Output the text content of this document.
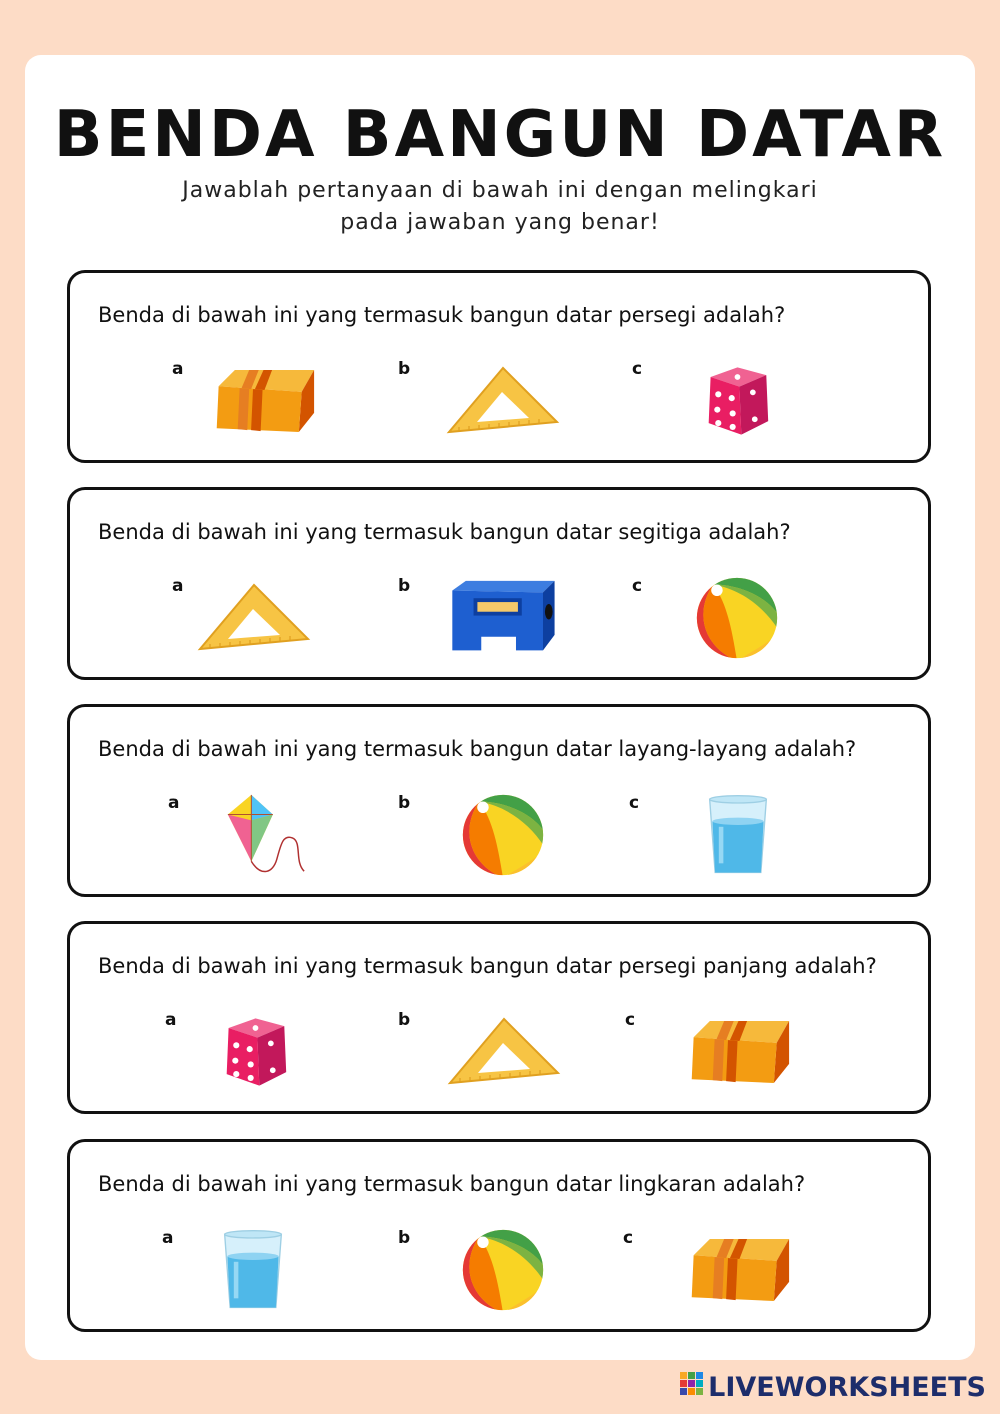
BENDA BANGUN DATAR
Jawablah pertanyaan di bawah ini dengan melingkari
pada jawaban yang benar!
Benda di bawah ini yang termasuk bangun datar persegi adalah?
a	b	c
Benda di bawah ini yang termasuk bangun datar segitiga adalah?
a	b	c
Benda di bawah ini yang termasuk bangun datar layang-layang adalah?
a	b	c
Benda di bawah ini yang termasuk bangun datar persegi panjang adalah?
a	b	c
Benda di bawah ini yang termasuk bangun datar lingkaran adalah?
a	b	c
LIVEWORKSHEETS
